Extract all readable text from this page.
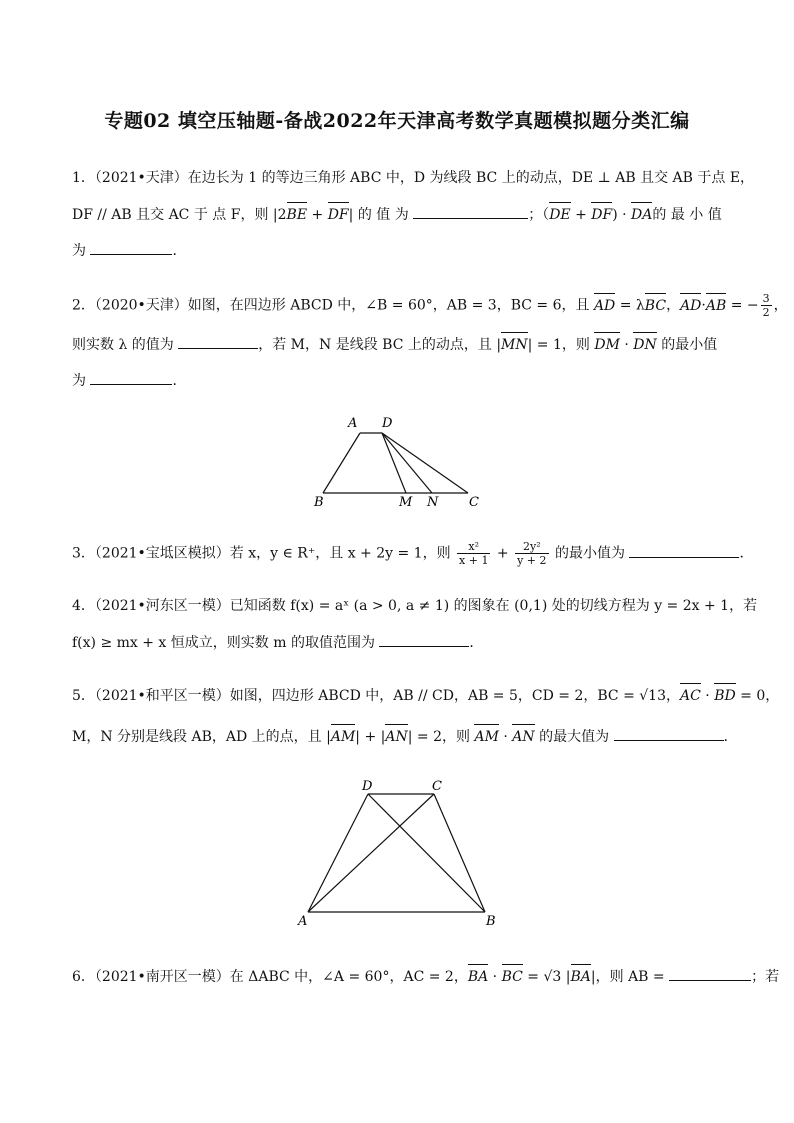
专题02 填空压轴题-备战2022年天津高考数学真题模拟题分类汇编
1．（2021•天津）在边长为 1 的等边三角形 ABC 中，D 为线段 BC 上的动点，DE ⊥ AB 且交 AB 于点 E，
DF // AB 且交 AC 于 点 F，则 |2BE + DF| 的 值 为	；（DE + DF) · DA的 最 小 值
为	．
2．（2020•天津）如图，在四边形 ABCD 中，∠B = 60°，AB = 3，BC = 6，且 AD = λBC，AD·AB = − $\frac{3}{2}$ ，
则实数 λ 的值为	，若 M，N 是线段 BC 上的动点，且 |MN| = 1，则 DM · DN 的最小值
为	．
A D
B	M N C
3．（2021•宝坻区模拟）若 x，y ∈ R⁺，且 x + 2y = 1，则 $\frac{\text{x²}}{x + 1} + \frac{\text{2y²}}{y + 2}$ 的最小值为	．
4．（2021•河东区一模）已知函数 f(x) = aˣ (a > 0, a ≠ 1) 的图象在 (0,1) 处的切线方程为 y = 2x + 1，若
f(x) ≥ mx + x 恒成立，则实数 m 的取值范围为	．
5．（2021•和平区一模）如图，四边形 ABCD 中，AB // CD，AB = 5，CD = 2，BC = √13，AC · BD = 0，
M，N 分别是线段 AB，AD 上的点，且 |AM| + |AN| = 2，则 AM · AN 的最大值为	．
D	C
A	B
6．（2021•南开区一模）在 ΔABC 中，∠A = 60°，AC = 2，BA · BC = √3 |BA|，则 AB =	；若
